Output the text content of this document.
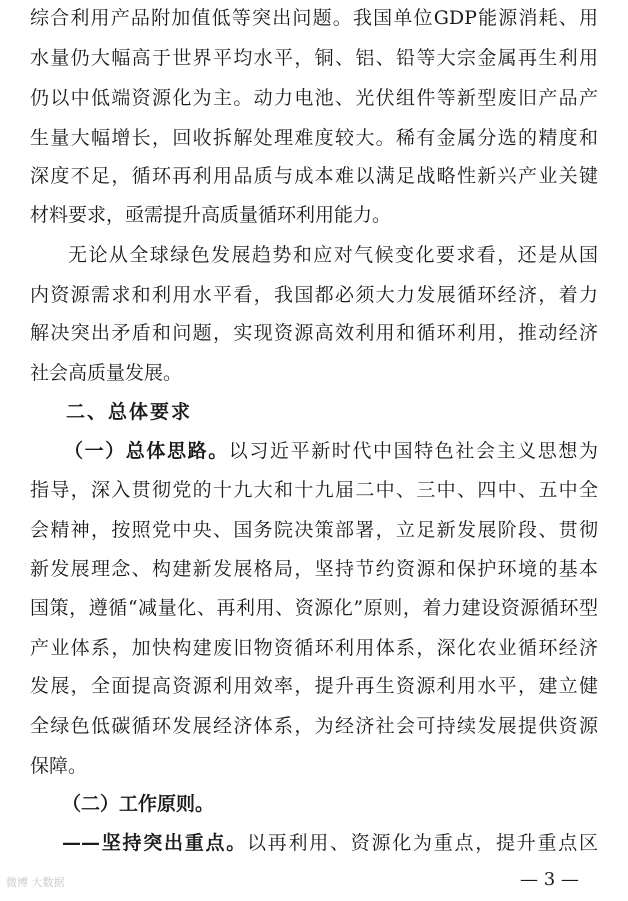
综合利用产品附加值低等突出问题。我国单位GDP能源消耗、用
水量仍大幅高于世界平均水平，铜、铝、铅等大宗金属再生利用
仍以中低端资源化为主。动力电池、光伏组件等新型废旧产品产
生量大幅增长，回收拆解处理难度较大。稀有金属分选的精度和
深度不足，循环再利用品质与成本难以满足战略性新兴产业关键
材料要求，亟需提升高质量循环利用能力。
无论从全球绿色发展趋势和应对气候变化要求看，还是从国
内资源需求和利用水平看，我国都必须大力发展循环经济，着力
解决突出矛盾和问题，实现资源高效利用和循环利用，推动经济
社会高质量发展。
二、总体要求
（一）总体思路。以习近平新时代中国特色社会主义思想为
指导，深入贯彻党的十九大和十九届二中、三中、四中、五中全
会精神，按照党中央、国务院决策部署，立足新发展阶段、贯彻
新发展理念、构建新发展格局，坚持节约资源和保护环境的基本
国策，遵循“减量化、再利用、资源化”原则，着力建设资源循环型
产业体系，加快构建废旧物资循环利用体系，深化农业循环经济
发展，全面提高资源利用效率，提升再生资源利用水平，建立健
全绿色低碳循环发展经济体系，为经济社会可持续发展提供资源
保障。
（二）工作原则。
——坚持突出重点。以再利用、资源化为重点，提升重点区
微博 大数据	— 3 —
